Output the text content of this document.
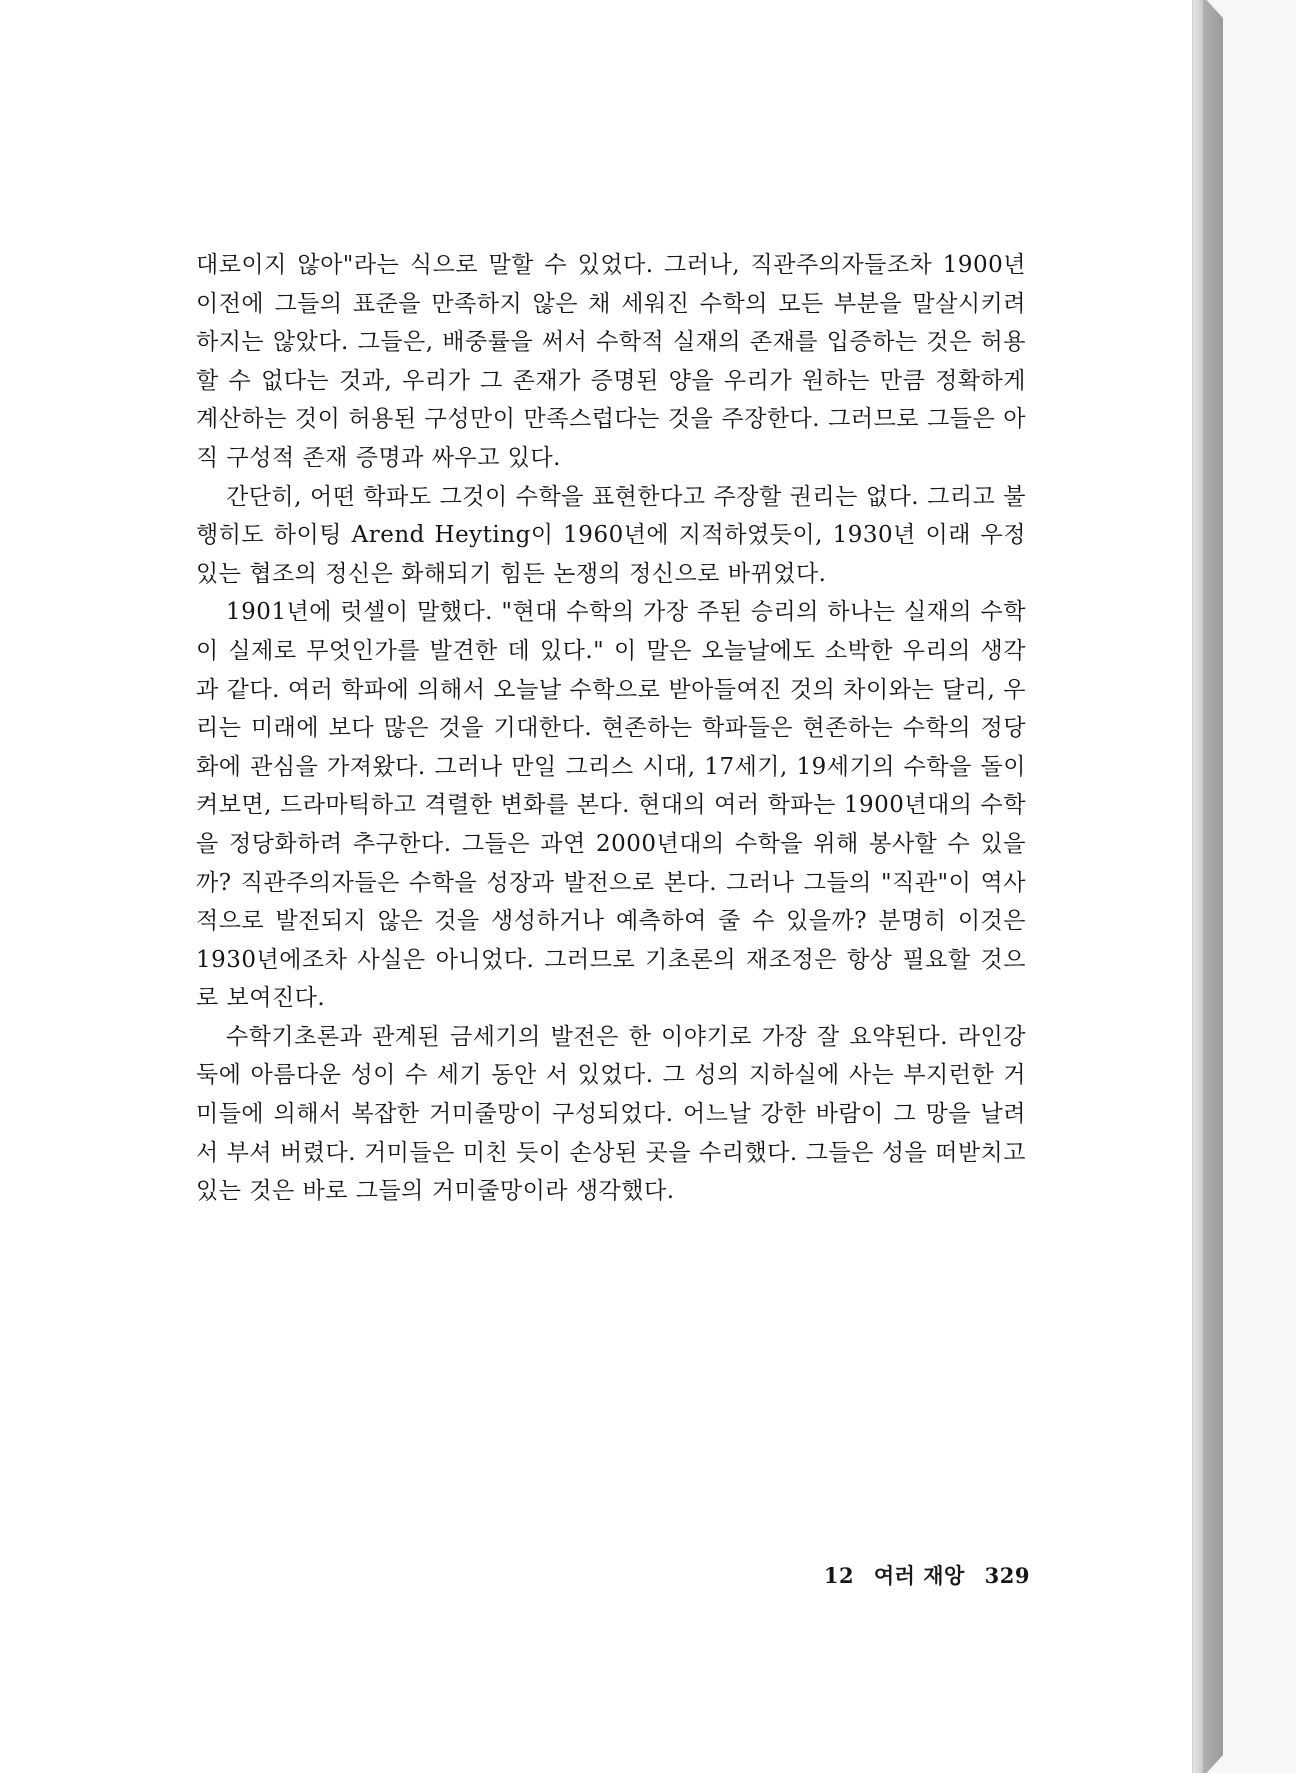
대로이지 않아"라는 식으로 말할 수 있었다. 그러나, 직관주의자들조차 1900년 이전에 그들의 표준을 만족하지 않은 채 세워진 수학의 모든 부분을 말살시키려 하지는 않았다. 그들은, 배중률을 써서 수학적 실재의 존재를 입증하는 것은 허용할 수 없다는 것과, 우리가 그 존재가 증명된 양을 우리가 원하는 만큼 정확하게 계산하는 것이 허용된 구성만이 만족스럽다는 것을 주장한다. 그러므로 그들은 아직 구성적 존재 증명과 싸우고 있다.

간단히, 어떤 학파도 그것이 수학을 표현한다고 주장할 권리는 없다. 그리고 불행히도 하이팅 Arend Heyting이 1960년에 지적하였듯이, 1930년 이래 우정있는 협조의 정신은 화해되기 힘든 논쟁의 정신으로 바뀌었다.

1901년에 럿셀이 말했다. "현대 수학의 가장 주된 승리의 하나는 실재의 수학이 실제로 무엇인가를 발견한 데 있다." 이 말은 오늘날에도 소박한 우리의 생각과 같다. 여러 학파에 의해서 오늘날 수학으로 받아들여진 것의 차이와는 달리, 우리는 미래에 보다 많은 것을 기대한다. 현존하는 학파들은 현존하는 수학의 정당화에 관심을 가져왔다. 그러나 만일 그리스 시대, 17세기, 19세기의 수학을 돌이켜보면, 드라마틱하고 격렬한 변화를 본다. 현대의 여러 학파는 1900년대의 수학을 정당화하려 추구한다. 그들은 과연 2000년대의 수학을 위해 봉사할 수 있을까? 직관주의자들은 수학을 성장과 발전으로 본다. 그러나 그들의 "직관"이 역사적으로 발전되지 않은 것을 생성하거나 예측하여 줄 수 있을까? 분명히 이것은 1930년에조차 사실은 아니었다. 그러므로 기초론의 재조정은 항상 필요할 것으로 보여진다.

수학기초론과 관계된 금세기의 발전은 한 이야기로 가장 잘 요약된다. 라인강 둑에 아름다운 성이 수 세기 동안 서 있었다. 그 성의 지하실에 사는 부지런한 거미들에 의해서 복잡한 거미줄망이 구성되었다. 어느날 강한 바람이 그 망을 날려서 부셔 버렸다. 거미들은 미친 듯이 손상된 곳을 수리했다. 그들은 성을 떠받치고 있는 것은 바로 그들의 거미줄망이라 생각했다.

12 여러 재앙 329
